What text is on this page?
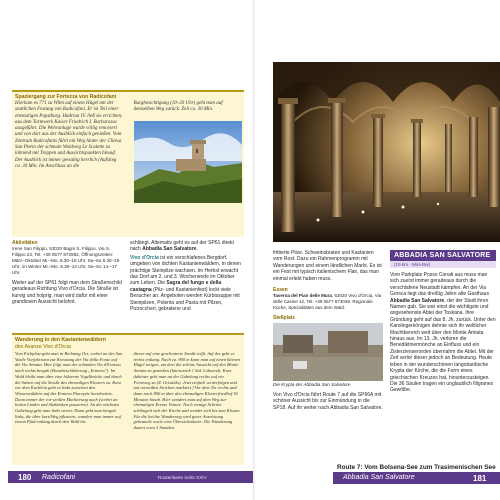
Spaziergang zur Fortezza von Radicofani

Hierkam es 771 zu Wilm auf einem Hügel mit der stattlichen Festung von Radicofani, Er ist Teil einer ehemaligen Papstburg. Hadrian IV. ließ sie errichten, aus dem Turmwerk Kaiser Friedrich I. Barbarossa ausgeführt. Die Wehranlage wurde völlig renoviert und von dort aus der Ausblick einfach genießen. Vom Zentrum Radicofanis führt ein Weg hinter der Chiesa San Pietro der schmale Waldweg Le Scalette zu lohnend mit Treppen und Aussichtspunkten hinauf. Der Ausblick ist immer gewaltig herrlich (Aufstieg ca. 30 Min. Im Anschluss an die

Burgbesichtigung (10–20 Uhr) geht man auf demselben Weg zurück. Zeit ca. 30 Min.

Aktivitäten

Irene San Filippo, 53020 Bagni S. Filippo, Via S. Filippo 23, Tel. +39 0577 872982, Öffnungszeiten: März–Oktober Mi.–Mo. 8.30–19 Uhr, Sa–So 8.30–19 Uhr; im Winter Mi.–Mo. 8.30–13 Uhr, Sa–So 14.–17 Uhr.

Weiter auf der SP61 folgt man dem Straßenschild geradeaus Richtung Vivo d'Orcia. Die Straße ist kurvig und holprig, man wird dafür mit einer grandiosen Aussicht belohnt.

schlängt. Alternativ geht es auf der SP61 direkt nach Abbadia San Salvatore.

Vivo d'Orcia ist ein verschlafenes Bergdorf, umgeben von dichten Kastanienwäldern, in denen prächtige Steinpilze wachsen. Im Herbst erwacht das Dorf am 2. und 3. Wochenende im Oktober zum Leben. Die Sagra del fungo e della castagna (Pilz- und Kastanienfest) lockt viele Besucher an. Angeboten werden Kürbissuppe mit Steinpilzen, Polenta und Pasta mit Pilzen, Pizzoccheri, gebratene und

Wanderung in den Kastanienwäldern
des Avanze Vivo d'Orcia

Vom Eichplatz geht man in Richtung Ort, vorbei an der San Vasile Vorfahrtstra zur Kreuzung der Via della Fonte auf die Via Amiata. Hier folgt man der schmalen Via d'Ernesto nach rechts bergab (Hausbeschilderung „Ermeno"). Im Wald bleibt man über eine hölzerne Vogelbrücke und durch die Salzen auf die Straße des ehemaligen Klosters zu. Kurz vor dem Kuchlein geht es links zwischen den Wiesenwäldern auf der Ermeno Pinceptie herabwärts. Dann immer der rot-weißen Markierung nach (vorbei an hohen Linden und Sitzbänken passieren). An der nächsten Gabelung geht man links weiter. Dann geht man bergab links, die über kurz/Weg pflastern, wandert man immer auf einem Pfad entlang durch den Wald bis

dieser auf eine geschotterte Straße trifft. Auf der geht es rechts entlang. Nach ca. 800 m kann man auf einen kleinen Hügel steigen, um dort die schöne Aussicht auf den Monte Amiata zu genießen (hin/zurück 1 Std. Lohnend). Kurz dahinter geht man an der Gabelung rechts auf ein Forstweg zu (Z. Grisaldo). Jetzt einfach weiterfolgen und mit rotweißen Strichen markiert.) Vor dem Tor rechts und dann noch 800 m über den ehemaligen Klosterfriedhof 30 Minuten hinab. Hier wandert man auf dem Weg zur ehemaligen Eremo Vettore. Noch wenige Schritte schlängelt sich der Kirche und wendet sich bis zum Kloster. Für die leichte Wanderung wird guter Ausrüstung gebraucht sowie eine Übersichtskarte. Die Wanderung dauert etwa 3 Stunden.

180 Radicofani	Routenkarte Seite XXIV

frittierte Pilze. Schweinsbraten und Kastanien vom Rost. Dazu ein Rahmenprogramm mit Wanderungen und einem ländlichen Markt. Es ist ein Fest mit typisch italienischem Flair, das man einmal erlebt haben muss.

Essen

Taverna del Pian delle Mura, 53020 Vivo d'Orcia, Via delle Casine 12, Tel. +39 0577 873049. Regionale Küche, Spezialitäten aus dem Wald.

Stellplatz

Die Krypta der Abbadia San Salvatore

Von Vivo d'Orcia führt Route 7 auf die SP66A mit schöner Aussicht bis zur Einmündung in die SP18. Auf ihr weiter nach Abbadia San Salvatore.

ABBADIA SAN SALVATORE
(19 km · Mini-Bw)

Vom Parkplatz Posso Conati aus muss man sich zuerst immer geradeaus durch die verschlafene Neustadt kämpfen. An der Via Gorsca liegt das dreißig Jahre alte Gasthaus Abbadia San Salvatore, der der Stadt ihren Namen gab. Sie war einst die wichtigste und angesehenste Abtei der Toskana. Ihre Gründung geht auf das 8. Jh. zurück. Unter den Karolingerkönigen dehnte sich ihr weltlicher Machtbereich weit über den Monte Amiata hinaus aus. Im 13. Jh. verloren die Benediktinermönche an Einfluss und ein Zisterzienserorden übernahm die Abtei. Mit der Zeit verlor dieser jedoch an Bedeutung. Heute leben in der wunderschönen langobardische Krypta der Kirche, die die Form eines griechischen Kreuzes hat, hinunterzusteigen. Die 36 Säulen tragen ein unglaublich filigranes Gewölbe.

Route 7: Vom Bolsena-See zum Trasimenischen See
Abbadia San Salvatore	181
